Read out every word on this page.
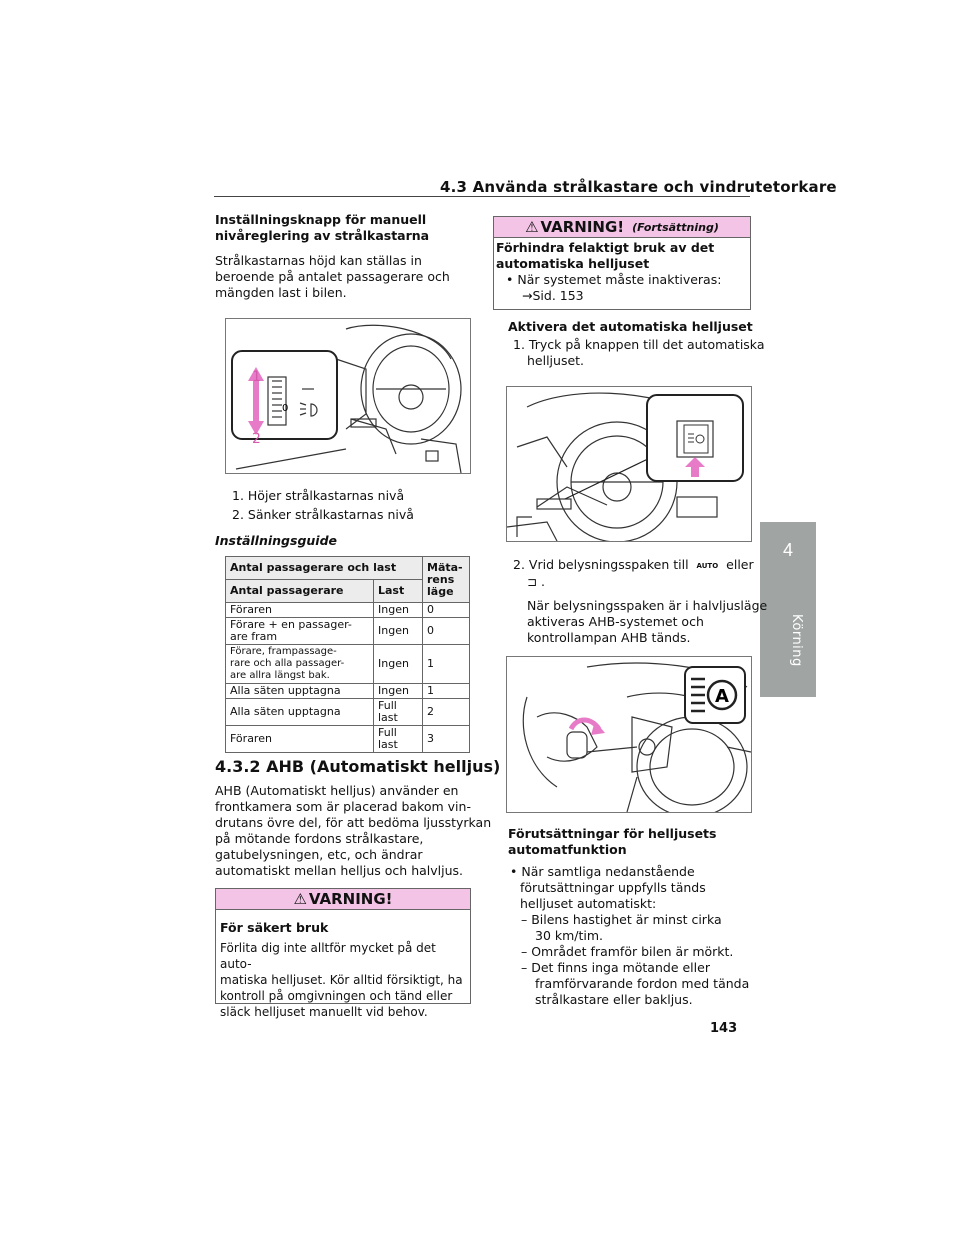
4.3 Använda strålkastare och vindrutetorkare
4
Körning
Inställningsknapp för manuell
nivåreglering av strålkastarna
Strålkastarnas höjd kan ställas in
beroende på antalet passagerare och
mängden last i bilen.
0
1
2
1. Höjer strålkastarnas nivå
2. Sänker strålkastarnas nivå
Inställningsguide
Antal passagerare och last		Mäta-
rens
läge
Antal passagerare	Last	
Föraren	Ingen	0
Förare + en passager-
are fram	Ingen	0
Förare, frampassage-
rare och alla passager-
are allra längst bak.	Ingen	1
Alla säten upptagna	Ingen	1
Alla säten upptagna	Full last	2
Föraren	Full last	3
4.3.2 AHB (Automatiskt helljus)
AHB (Automatiskt helljus) använder en
frontkamera som är placerad bakom vin-
drutans övre del, för att bedöma ljusstyrkan
på mötande fordons strålkastare,
gatubelysningen, etc, och ändrar
automatiskt mellan helljus och halvljus.
⚠ VARNING!
För säkert bruk
Förlita dig inte alltför mycket på det auto-
matiska helljuset. Kör alltid försiktigt, ha
kontroll på omgivningen och tänd eller
släck helljuset manuellt vid behov.
⚠ VARNING! (Fortsättning)
Förhindra felaktigt bruk av det
automatiska helljuset
• När systemet måste inaktiveras:
→Sid. 153
Aktivera det automatiska helljuset
1. Tryck på knappen till det automatiska
helljuset.
2. Vrid belysningsspaken till AUTO eller
⊐ .
När belysningsspaken är i halvljusläge
aktiveras AHB-systemet och
kontrollampan AHB tänds.
A
Förutsättningar för helljusets
automatfunktion
• När samtliga nedanstående
förutsättningar uppfylls tänds
helljuset automatiskt:
– Bilens hastighet är minst cirka
30 km/tim.
– Området framför bilen är mörkt.
– Det finns inga mötande eller
framförvarande fordon med tända
strålkastare eller bakljus.
143
